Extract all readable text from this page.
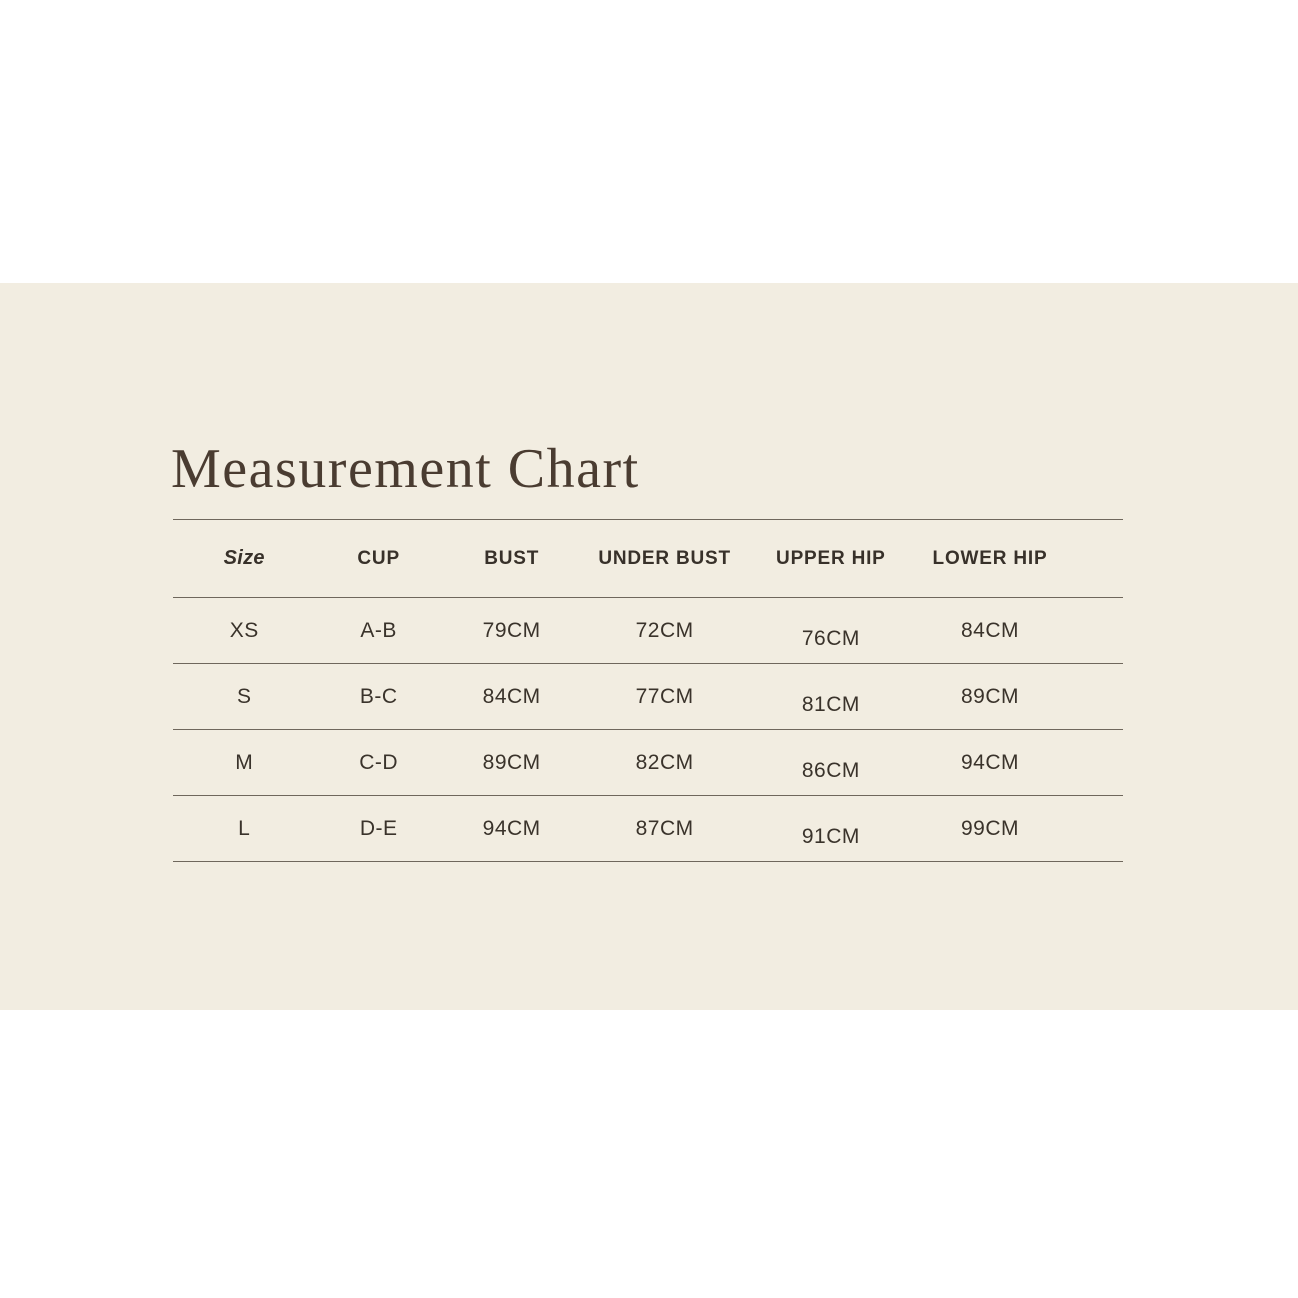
Measurement Chart
Size	CUP	BUST	UNDER BUST	UPPER HIP	LOWER HIP
XS	A-B	79CM	72CM	76CM	84CM
S	B-C	84CM	77CM	81CM	89CM
M	C-D	89CM	82CM	86CM	94CM
L	D-E	94CM	87CM	91CM	99CM
